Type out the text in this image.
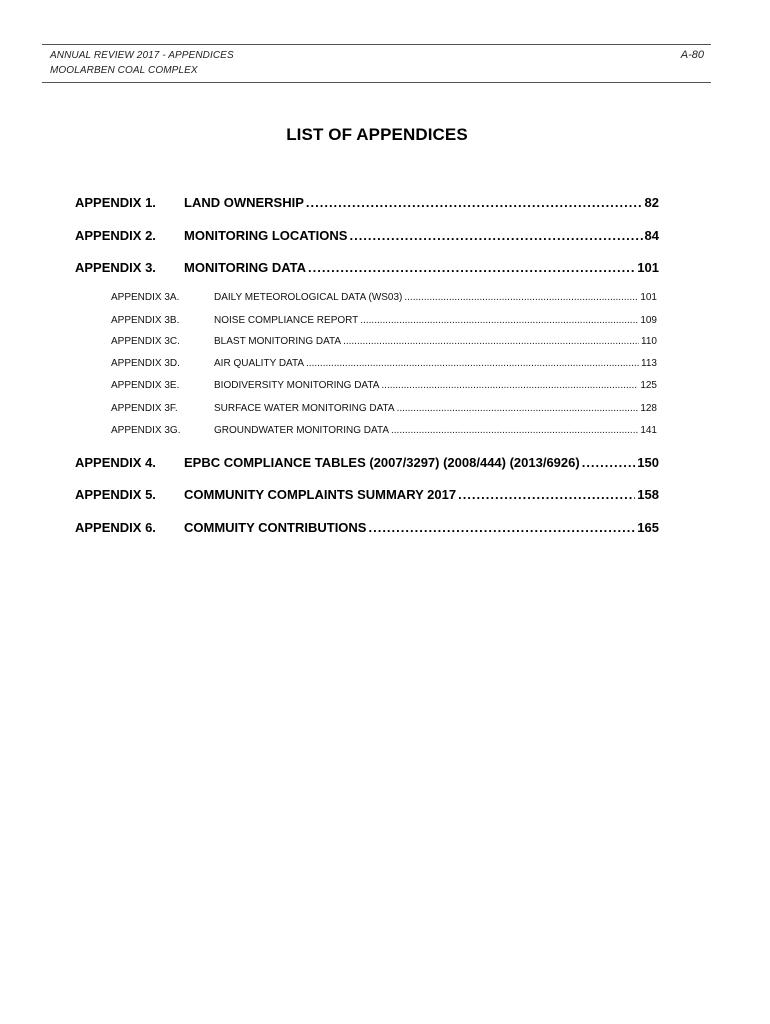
ANNUAL REVIEW 2017 - APPENDICES
MOOLARBEN COAL COMPLEX
A-80
LIST OF APPENDICES
APPENDIX 1.	LAND OWNERSHIP .....	82
APPENDIX 2.	MONITORING LOCATIONS .....	84
APPENDIX 3.	MONITORING DATA .....	101
APPENDIX 3A.	DAILY METEOROLOGICAL DATA (WS03) .....	101
APPENDIX 3B.	NOISE COMPLIANCE REPORT .....	109
APPENDIX 3C.	BLAST MONITORING DATA .....	110
APPENDIX 3D.	AIR QUALITY DATA .....	113
APPENDIX 3E.	BIODIVERSITY MONITORING DATA .....	125
APPENDIX 3F.	SURFACE WATER MONITORING DATA .....	128
APPENDIX 3G.	GROUNDWATER MONITORING DATA .....	141
APPENDIX 4.	EPBC COMPLIANCE TABLES (2007/3297) (2008/444) (2013/6926) .....	150
APPENDIX 5.	COMMUNITY COMPLAINTS SUMMARY 2017 .....	158
APPENDIX 6.	COMMUITY CONTRIBUTIONS .....	165
